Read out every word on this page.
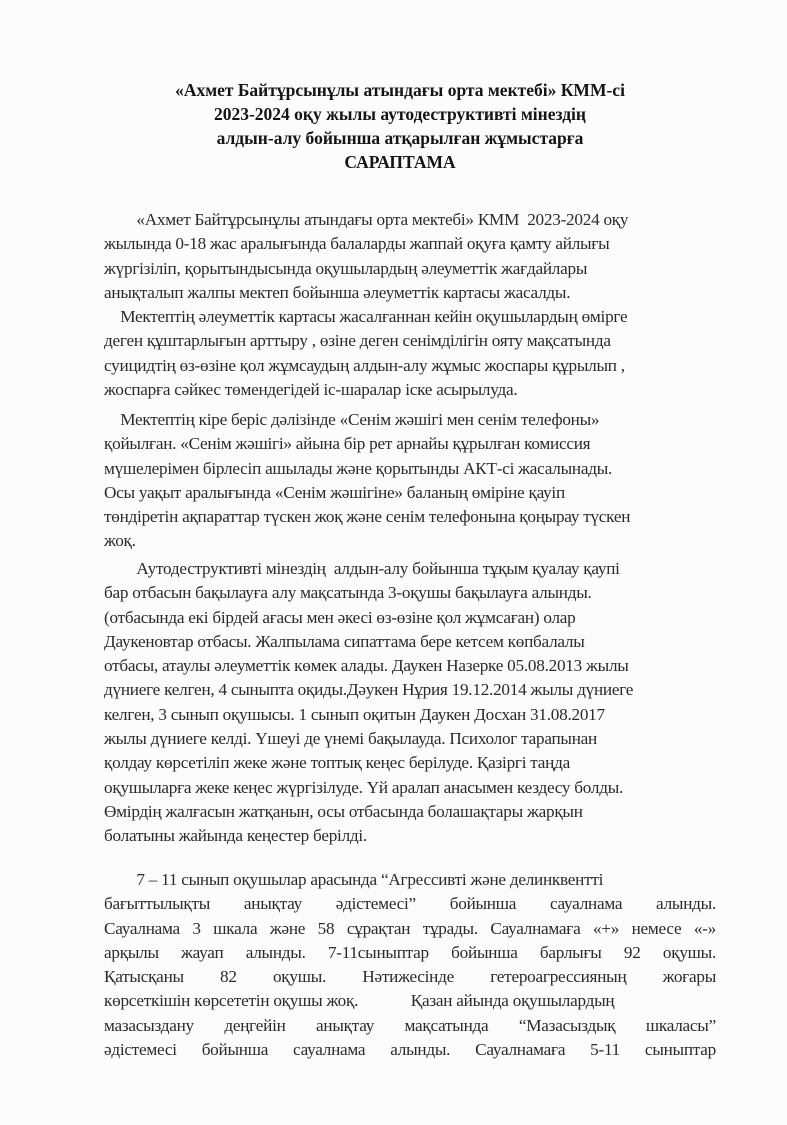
«Ахмет Байтұрсынұлы атындағы орта мектебі» КММ-сі
2023-2024 оқу жылы аутодеструктивті мінездің
алдын-алу бойынша атқарылған жұмыстарға
САРАПТАМА
«Ахмет Байтұрсынұлы атындағы орта мектебі» КММ  2023-2024 оқу
жылында 0-18 жас аралығында балаларды жаппай оқуға қамту айлығы
жүргізіліп, қорытындысында оқушылардың әлеуметтік жағдайлары
анықталып жалпы мектеп бойынша әлеуметтік картасы жасалды.
Мектептің әлеуметтік картасы жасалғаннан кейін оқушылардың өмірге
деген құштарлығын арттыру , өзіне деген сенімділігін ояту мақсатында
суицидтің өз-өзіне қол жұмсаудың алдын-алу жұмыс жоспары құрылып ,
жоспарға сәйкес төмендегідей іс-шаралар іске асырылуда.
Мектептің кіре беріс дәлізінде «Сенім жәшігі мен сенім телефоны»
қойылған. «Сенім жәшігі» айына бір рет арнайы құрылған комиссия
мүшелерімен бірлесіп ашылады және қорытынды АКТ-сі жасалынады.
Осы уақыт аралығында «Сенім жәшігіне» баланың өміріне қауіп
төндіретін ақпараттар түскен жоқ және сенім телефонына қоңырау түскен
жоқ.
Аутодеструктивті мінездің  алдын-алу бойынша тұқым қуалау қаупі
бар отбасын бақылауға алу мақсатында 3-оқушы бақылауға алынды.
(отбасында екі бірдей ағасы мен әкесі өз-өзіне қол жұмсаған) олар
Даукеновтар отбасы. Жалпылама сипаттама бере кетсем көпбалалы
отбасы, атаулы әлеуметтік көмек алады. Даукен Назерке 05.08.2013 жылы
дүниеге келген, 4 сыныпта оқиды.Дәукен Нұрия 19.12.2014 жылы дүниеге
келген, 3 сынып оқушысы. 1 сынып оқитын Даукен Досхан 31.08.2017
жылы дүниеге келді. Үшеуі де үнемі бақылауда. Психолог тарапынан
қолдау көрсетіліп жеке және топтық кеңес берілуде. Қазіргі таңда
оқушыларға жеке кеңес жүргізілуде. Үй аралап анасымен кездесу болды.
Өмірдің жалғасын жатқанын, осы отбасында болашақтары жарқын
болатыны жайында кеңестер берілді.
7 – 11 сынып оқушылар арасында “Агрессивті және делинквентті
бағыттылықты анықтау әдістемесі” бойынша сауалнама алынды.
Сауалнама 3 шкала және 58 сұрақтан тұрады. Сауалнамаға «+» немесе «-»
арқылы жауап алынды. 7-11сыныптар бойынша барлығы 92 оқушы.
Қатысқаны 82 оқушы. Нәтижесінде гетероагрессияның жоғары
көрсеткішін көрсететін оқушы жоқ.             Қазан айында оқушылардың
мазасыздану деңгейін анықтау мақсатында “Мазасыздық шкаласы”
әдістемесі бойынша сауалнама алынды. Сауалнамаға 5-11 сыныптар
